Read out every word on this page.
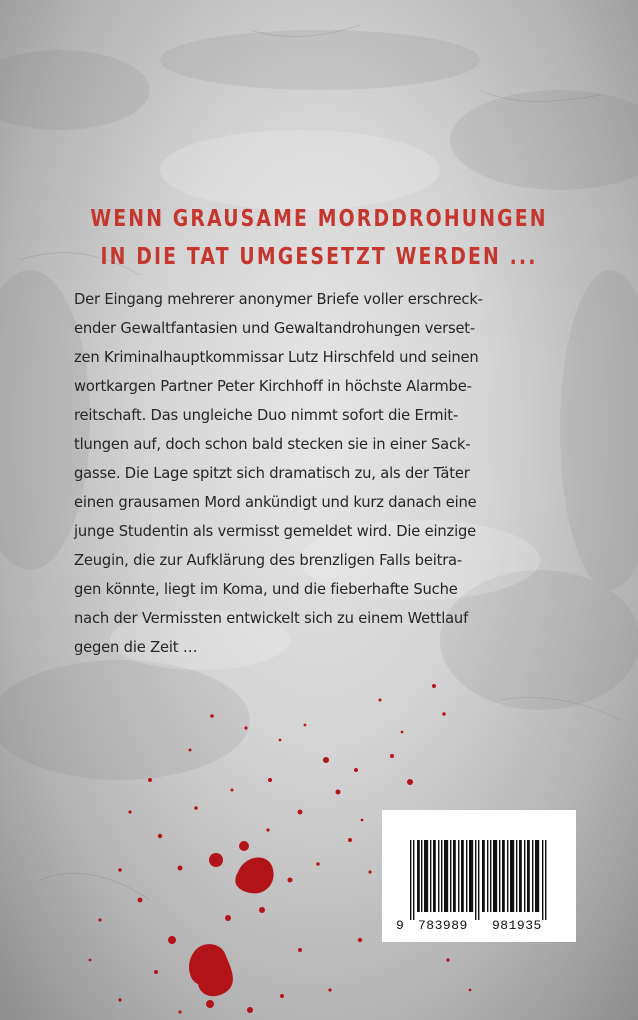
WENN GRAUSAME MORDDROHUNGEN
IN DIE TAT UMGESETZT WERDEN ...
Der Eingang mehrerer anonymer Briefe voller erschreck-
ender Gewaltfantasien und Gewaltandrohungen verset-
zen Kriminalhauptkommissar Lutz Hirschfeld und seinen
wortkargen Partner Peter Kirchhoff in höchste Alarmbe-
reitschaft. Das ungleiche Duo nimmt sofort die Ermit-
tlungen auf, doch schon bald stecken sie in einer Sack-
gasse. Die Lage spitzt sich dramatisch zu, als der Täter
einen grausamen Mord ankündigt und kurz danach eine
junge Studentin als vermisst gemeldet wird. Die einzige
Zeugin, die zur Aufklärung des brenzligen Falls beitra-
gen könnte, liegt im Koma, und die fieberhafte Suche
nach der Vermissten entwickelt sich zu einem Wettlauf
gegen die Zeit …
9 783989 981935
